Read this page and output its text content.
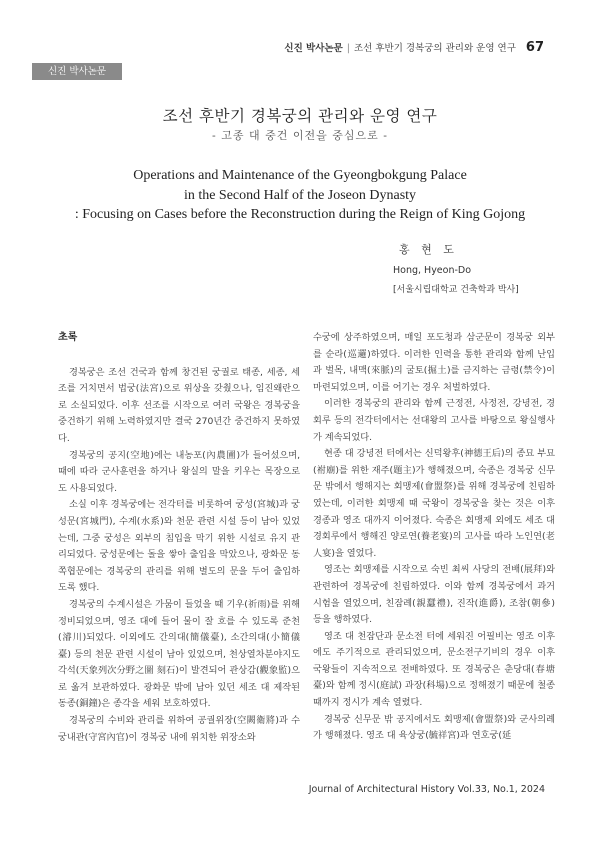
신진 박사논문 | 조선 후반기 경복궁의 관리와 운영 연구 67
신진 박사논문
조선 후반기 경복궁의 관리와 운영 연구
- 고종 대 중건 이전을 중심으로 -
Operations and Maintenance of the Gyeongbokgung Palace
in the Second Half of the Joseon Dynasty
: Focusing on Cases before the Reconstruction during the Reign of King Gojong
홍 현 도
Hong, Hyeon-Do
[서울시립대학교 건축학과 박사]
초록

경복궁은 조선 건국과 함께 창건된 궁궐로 태종, 세종, 세조를 거치면서 법궁(法宮)으로 위상을 갖췄으나, 임진왜란으로 소실되었다. 이후 선조를 시작으로 여러 국왕은 경복궁을 중건하기 위해 노력하였지만 결국 270년간 중건하지 못하였다.

경복궁의 공지(空地)에는 내농포(內農圃)가 들어섰으며, 때에 따라 군사훈련을 하거나 왕실의 말을 키우는 목장으로도 사용되었다.

소실 이후 경복궁에는 전각터를 비롯하여 궁성(宮城)과 궁성문(宮城門), 수계(水系)와 천문 관련 시설 등이 남아 있었는데, 그중 궁성은 외부의 침입을 막기 위한 시설로 유지 관리되었다. 궁성문에는 돌을 쌓아 출입을 막았으나, 광화문 동쪽협문에는 경복궁의 관리를 위해 별도의 문을 두어 출입하도록 했다.

경복궁의 수계시설은 가뭄이 들었을 때 기우(祈雨)를 위해 정비되었으며, 영조 대에 들어 물이 잘 흐를 수 있도록 준천(濬川)되었다. 이외에도 간의대(簡儀臺), 소간의대(小簡儀臺) 등의 천문 관련 시설이 남아 있었으며, 천상열차분야지도 각석(天象列次分野之圖 刻石)이 발견되어 관상감(觀象監)으로 옮겨 보관하였다. 광화문 밖에 남아 있던 세조 대 제작된 동종(銅鐘)은 종각을 세워 보호하였다.

경복궁의 수비와 관리를 위하여 공궐위장(空闕衛將)과 수궁내관(守宮內官)이 경복궁 내에 위치한 위장소와

수궁에 상주하였으며, 매일 포도청과 삼군문이 경복궁 외부를 순라(巡邏)하였다. 이러한 인력을 통한 관리와 함께 난입과 벌목, 내맥(來脈)의 굴토(掘土)를 금지하는 금령(禁令)이 마련되었으며, 이를 어기는 경우 처벌하였다.

이러한 경복궁의 관리와 함께 근정전, 사정전, 강녕전, 경회루 등의 전각터에서는 선대왕의 고사를 바탕으로 왕실행사가 계속되었다.

현종 대 강녕전 터에서는 신덕왕후(神德王后)의 종묘 부묘(祔廟)를 위한 재주(題主)가 행해졌으며, 숙종은 경복궁 신무문 밖에서 행해지는 회맹제(會盟祭)를 위해 경복궁에 친림하였는데, 이러한 회맹제 때 국왕이 경복궁을 찾는 것은 이후 경종과 영조 대까지 이어졌다. 숙종은 회맹제 외에도 세조 대 경회루에서 행해진 양로연(養老宴)의 고사를 따라 노인연(老人宴)을 열었다.

영조는 회맹제를 시작으로 숙빈 최씨 사당의 전배(展拜)와 관련하여 경복궁에 친림하였다. 이와 함께 경복궁에서 과거시험을 열었으며, 친잠례(親蠶禮), 진작(進爵), 조참(朝參) 등을 행하였다.

영조 대 천잠단과 문소전 터에 세워진 어필비는 영조 이후에도 주기적으로 관리되었으며, 문소전구기비의 경우 이후 국왕들이 지속적으로 전배하였다. 또 경복궁은 춘당대(春塘臺)와 함께 정시(庭試) 과장(科場)으로 정해졌기 때문에 철종 때까지 정시가 계속 열렸다.

경복궁 신무문 밖 공지에서도 회맹제(會盟祭)와 군사의례가 행해졌다. 영조 대 육상궁(毓祥宮)과 연호궁(延

Journal of Architectural History Vol.33, No.1, 2024
